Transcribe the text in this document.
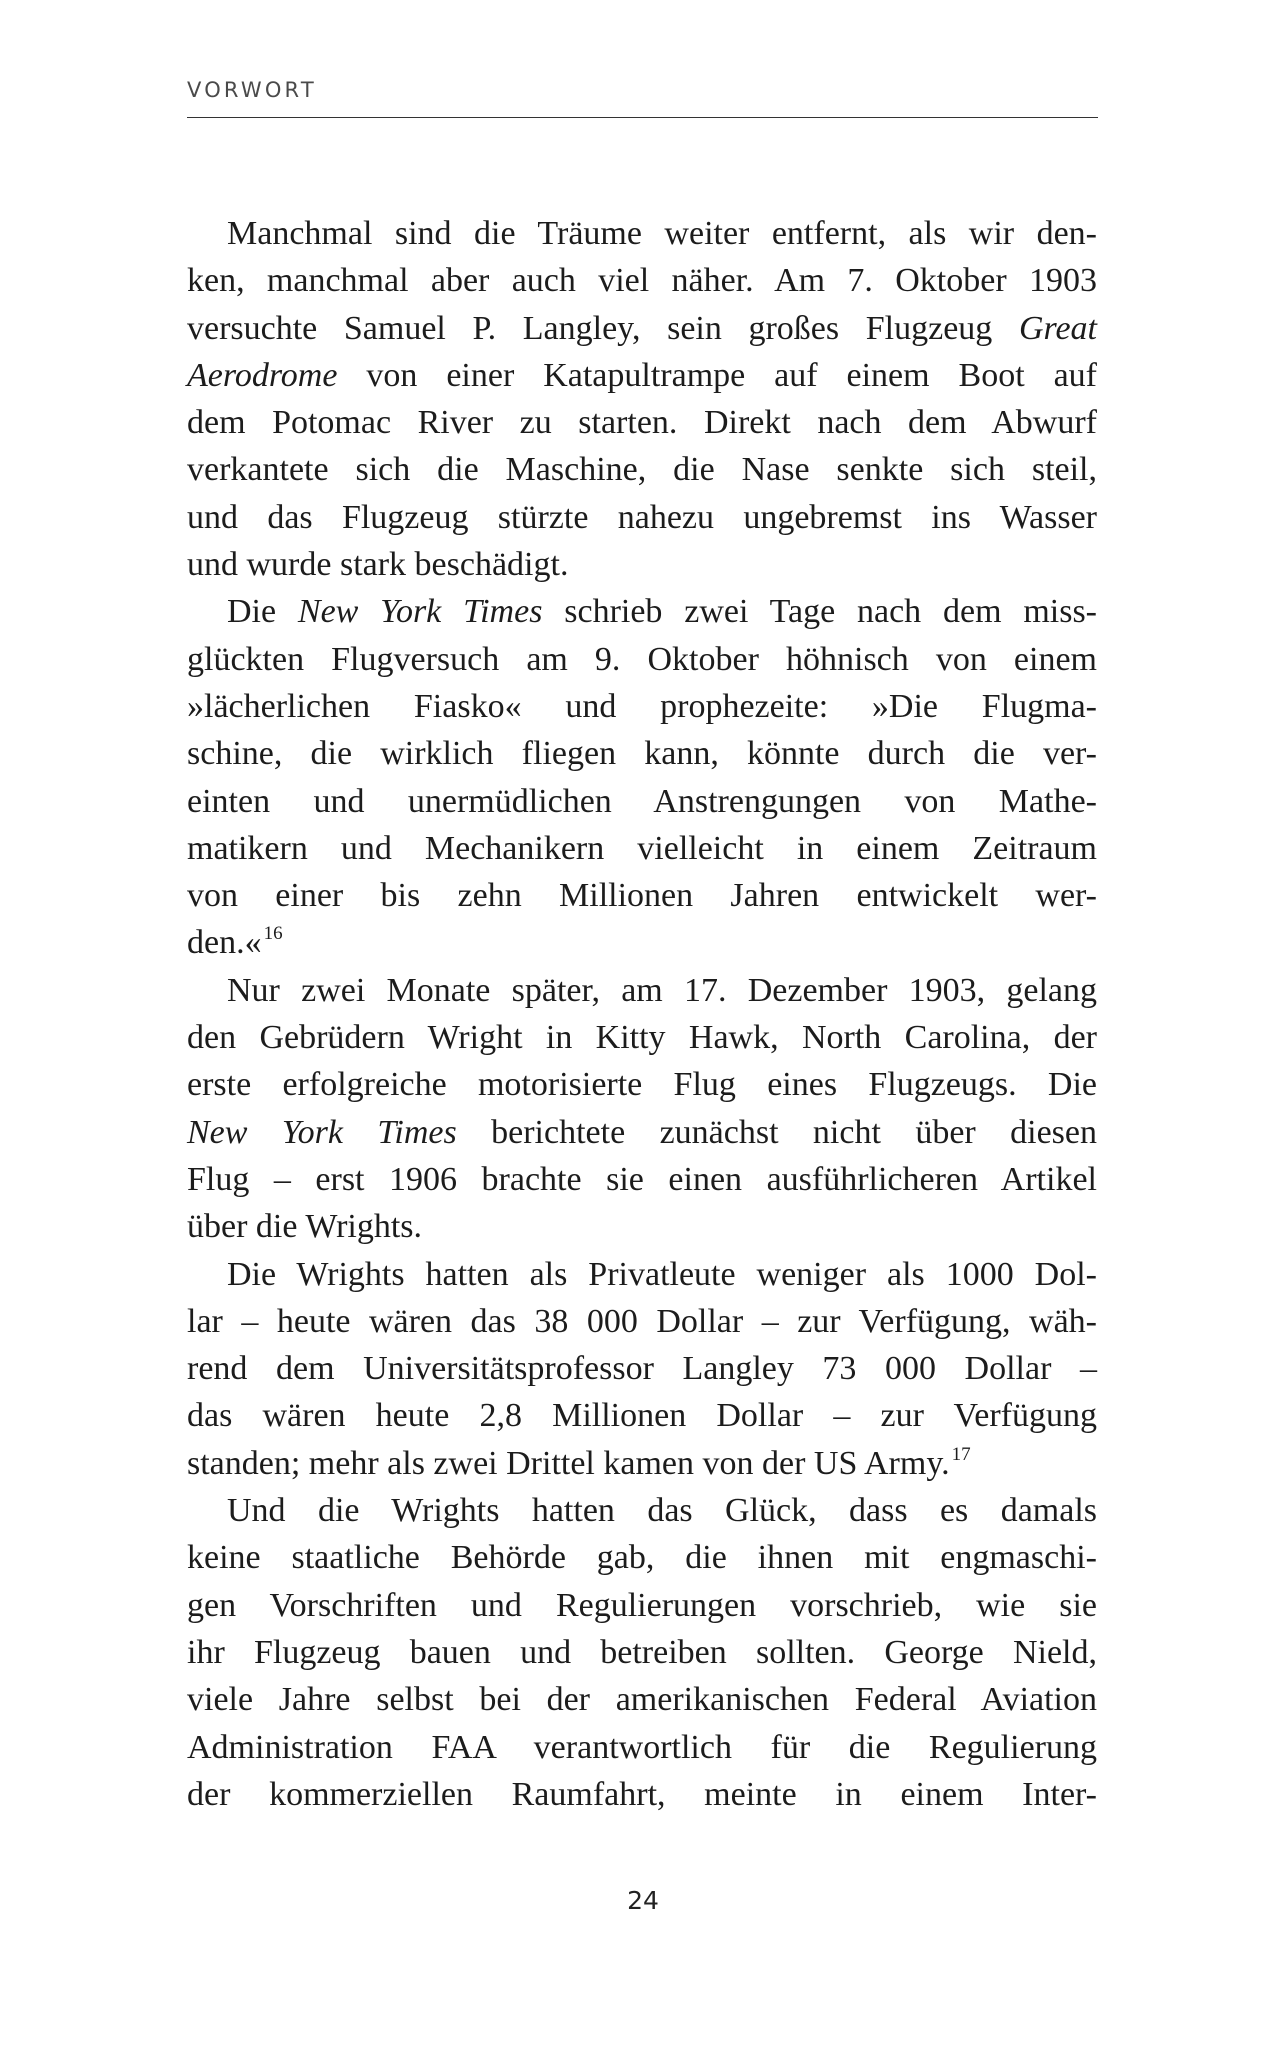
VORWORT
Manchmal sind die Träume weiter entfernt, als wir den-
ken, manchmal aber auch viel näher. Am 7. Oktober 1903
versuchte Samuel P. Langley, sein großes Flugzeug Great
Aerodrome von einer Katapultrampe auf einem Boot auf
dem Potomac River zu starten. Direkt nach dem Abwurf
verkantete sich die Maschine, die Nase senkte sich steil,
und das Flugzeug stürzte nahezu ungebremst ins Wasser
und wurde stark beschädigt.
Die New York Times schrieb zwei Tage nach dem miss-
glückten Flugversuch am 9. Oktober höhnisch von einem
»lächerlichen Fiasko« und prophezeite: »Die Flugma-
schine, die wirklich fliegen kann, könnte durch die ver-
einten und unermüdlichen Anstrengungen von Mathe-
matikern und Mechanikern vielleicht in einem Zeitraum
von einer bis zehn Millionen Jahren entwickelt wer-
den.« $^{16}$
Nur zwei Monate später, am 17. Dezember 1903, gelang
den Gebrüdern Wright in Kitty Hawk, North Carolina, der
erste erfolgreiche motorisierte Flug eines Flugzeugs. Die
New York Times berichtete zunächst nicht über diesen
Flug – erst 1906 brachte sie einen ausführlicheren Artikel
über die Wrights.
Die Wrights hatten als Privatleute weniger als 1000 Dol-
lar – heute wären das 38 000 Dollar – zur Verfügung, wäh-
rend dem Universitätsprofessor Langley 73 000 Dollar –
das wären heute 2,8 Millionen Dollar – zur Verfügung
standen; mehr als zwei Drittel kamen von der US Army. $^{17}$
Und die Wrights hatten das Glück, dass es damals
keine staatliche Behörde gab, die ihnen mit engmaschi-
gen Vorschriften und Regulierungen vorschrieb, wie sie
ihr Flugzeug bauen und betreiben sollten. George Nield,
viele Jahre selbst bei der amerikanischen Federal Aviation
Administration FAA verantwortlich für die Regulierung
der kommerziellen Raumfahrt, meinte in einem Inter-
24
